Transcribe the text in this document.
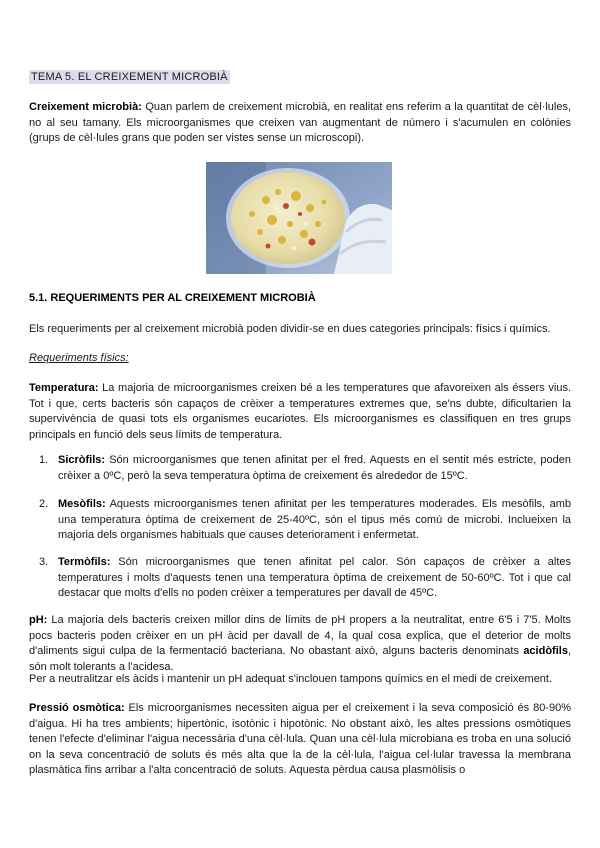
TEMA 5. EL CREIXEMENT MICROBIÀ

Creixement microbià: Quan parlem de creixement microbià, en realitat ens referim a la quantitat de cèl·lules, no al seu tamany. Els microorganismes que creixen van augmentant de número i s'acumulen en colònies (grups de cèl·lules grans que poden ser vistes sense un microscopi).

5.1. REQUERIMENTS PER AL CREIXEMENT MICROBIÀ

Els requeriments per al creixement microbià poden dividir-se en dues categories principals: físics i químics.

Requeriments físics:

Temperatura: La majoria de microorganismes creixen bé a les temperatures que afavoreixen als éssers vius. Tot i que, certs bacteris són capaços de crèixer a temperatures extremes que, se'ns dubte, dificultarien la supervivència de quasi tots els organismes eucariotes. Els microorganismes es classifiquen en tres grups principals en funció dels seus límits de temperatura.

1. Sicròfils: Són microorganismes que tenen afinitat per el fred. Aquests en el sentit més estricte, poden crèixer a 0ºC, però la seva temperatura òptima de creixement és alrededor de 15ºC.
2. Mesòfils: Aquests microorganismes tenen afinitat per les temperatures moderades. Els mesòfils, amb una temperatura òptima de creixement de 25-40ºC, són el tipus més comú de microbi. Inclueixen la majoria dels organismes habituals que causes deteriorament i enfermetat.
3. Termòfils: Són microorganismes que tenen afinitat pel calor. Són capaços de crèixer a altes temperatures i molts d'aquests tenen una temperatura òptima de creixement de 50-60ºC. Tot i que cal destacar que molts d'ells no poden crèixer a temperatures per davall de 45ºC.

pH: La majoria dels bacteris creixen millor dins de límits de pH propers a la neutralitat, entre 6'5 i 7'5. Molts pocs bacteris poden crèixer en un pH àcid per davall de 4, la qual cosa explica, que el deterior de molts d'aliments sigui culpa de la fermentació bacteriana. No obastant això, alguns bacteris denominats acidòfils, són molt tolerants a l'acidesa.

Per a neutralitzar els àcids i mantenir un pH adequat s'inclouen tampons químics en el medi de creixement.

Pressió osmòtica: Els microorganismes necessiten aigua per el creixement i la seva composició és 80-90% d'aigua. Hi ha tres ambients; hipertònic, isotònic i hipotònic. No obstant això, les altes pressions osmòtiques tenen l'efecte d'eliminar l'aigua necessària d'una cèl·lula. Quan una cèl·lula microbiana es troba en una solució on la seva concentració de soluts és més alta que la de la cèl·lula, l'aigua cel·lular travessa la membrana plasmàtica fins arribar a l'alta concentració de soluts. Aquesta pèrdua causa plasmòlisis o
